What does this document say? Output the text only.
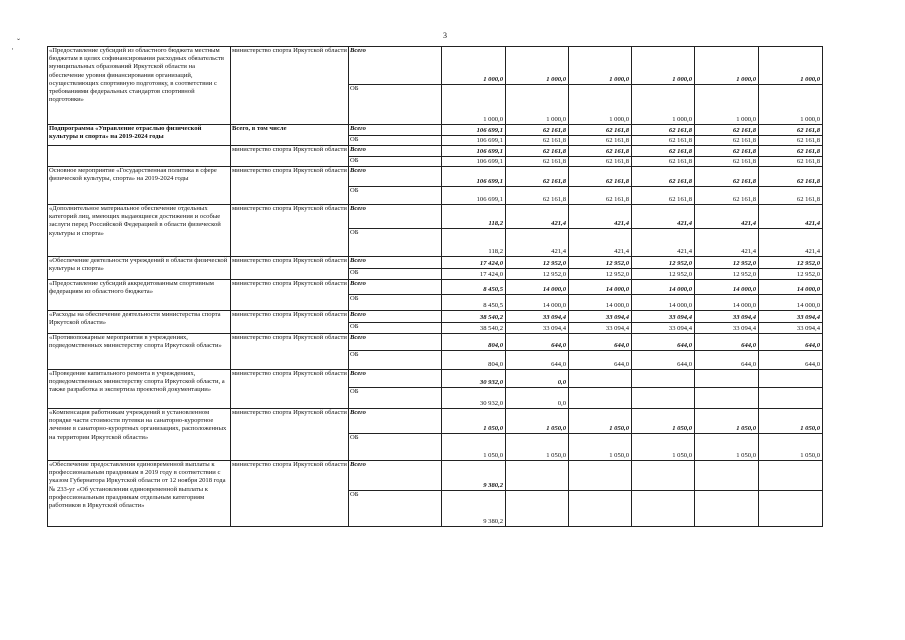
3
ˇ
·	«Предоставление субсидий из областного бюджета местным бюджетам в целях софинансирования расходных обязательств муниципальных образований Иркутской области на обеспечение уровня финансирования организаций, осуществляющих спортивную подготовку, в соответствии с требованиями федеральных стандартов спортивной подготовки»	министерство спорта Иркутской области	Всего	1 000,0	1 000,0	1 000,0	1 000,0	1 000,0	1 000,0
		ОБ	1 000,0	1 000,0	1 000,0	1 000,0	1 000,0	1 000,0
Подпрограмма «Управление отраслью физической культуры и спорта» на 2019-2024 годы	Всего, в том числе	Всего	106 699,1	62 161,8	62 161,8	62 161,8	62 161,8	62 161,8
		ОБ	106 699,1	62 161,8	62 161,8	62 161,8	62 161,8	62 161,8
	министерство спорта Иркутской области	Всего	106 699,1	62 161,8	62 161,8	62 161,8	62 161,8	62 161,8
		ОБ	106 699,1	62 161,8	62 161,8	62 161,8	62 161,8	62 161,8
Основное мероприятие «Государственная политика в сфере физической культуры, спорта» на 2019-2024 годы	министерство спорта Иркутской области	Всего	106 699,1	62 161,8	62 161,8	62 161,8	62 161,8	62 161,8
		ОБ	106 699,1	62 161,8	62 161,8	62 161,8	62 161,8	62 161,8
«Дополнительное материальное обеспечение отдельных категорий лиц, имеющих выдающиеся достижения и особые заслуги перед Российской Федерацией в области физической культуры и спорта»	министерство спорта Иркутской области	Всего	118,2	421,4	421,4	421,4	421,4	421,4
		ОБ	118,2	421,4	421,4	421,4	421,4	421,4
«Обеспечение деятельности учреждений в области физической культуры и спорта»	министерство спорта Иркутской области	Всего	17 424,0	12 952,0	12 952,0	12 952,0	12 952,0	12 952,0
		ОБ	17 424,0	12 952,0	12 952,0	12 952,0	12 952,0	12 952,0
«Предоставление субсидий аккредитованным спортивным федерациям из областного бюджета»	министерство спорта Иркутской области	Всего	8 450,5	14 000,0	14 000,0	14 000,0	14 000,0	14 000,0
		ОБ	8 450,5	14 000,0	14 000,0	14 000,0	14 000,0	14 000,0
«Расходы на обеспечение деятельности министерства спорта Иркутской области»	министерство спорта Иркутской области	Всего	38 540,2	33 094,4	33 094,4	33 094,4	33 094,4	33 094,4
		ОБ	38 540,2	33 094,4	33 094,4	33 094,4	33 094,4	33 094,4
«Противопожарные мероприятия в учреждениях, подведомственных министерству спорта Иркутской области»	министерство спорта Иркутской области	Всего	804,0	644,0	644,0	644,0	644,0	644,0
		ОБ	804,0	644,0	644,0	644,0	644,0	644,0
«Проведение капитального ремонта в учреждениях, подведомственных министерству спорта Иркутской области, а также разработка и экспертиза проектной документации»	министерство спорта Иркутской области	Всего	30 932,0	0,0				
		ОБ	30 932,0	0,0				
«Компенсация работникам учреждений в установленном порядке части стоимости путевки на санаторно-курортное лечение в санаторно-курортных организациях, расположенных на территории Иркутской области»	министерство спорта Иркутской области	Всего	1 050,0	1 050,0	1 050,0	1 050,0	1 050,0	1 050,0
		ОБ	1 050,0	1 050,0	1 050,0	1 050,0	1 050,0	1 050,0
«Обеспечение предоставления единовременной выплаты к профессиональным праздникам в 2019 году в соответствии с указом Губернатора Иркутской области от 12 ноября 2018 года № 233-уг «Об установлении единовременной выплаты к профессиональным праздникам отдельным категориям работников в Иркутской области»	министерство спорта Иркутской области	Всего	9 380,2					
		ОБ	9 380,2					
